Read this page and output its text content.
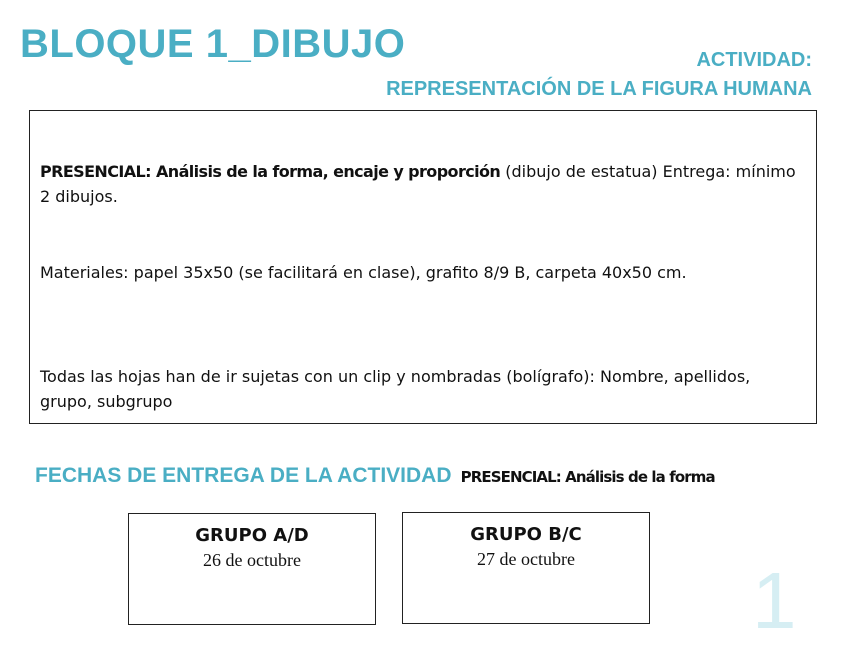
BLOQUE 1_DIBUJO	ACTIVIDAD:
REPRESENTACIÓN DE LA FIGURA HUMANA
PRESENCIAL: Análisis de la forma, encaje y proporción (dibujo de estatua) Entrega: mínimo 2 dibujos.
Materiales: papel 35x50 (se facilitará en clase), grafito 8/9 B, carpeta 40x50 cm.
Todas las hojas han de ir sujetas con un clip y nombradas (bolígrafo): Nombre, apellidos, grupo, subgrupo
FECHAS DE ENTREGA DE LA ACTIVIDAD PRESENCIAL: Análisis de la forma
GRUPO A/D
26 de octubre
GRUPO B/C
27 de octubre	1
